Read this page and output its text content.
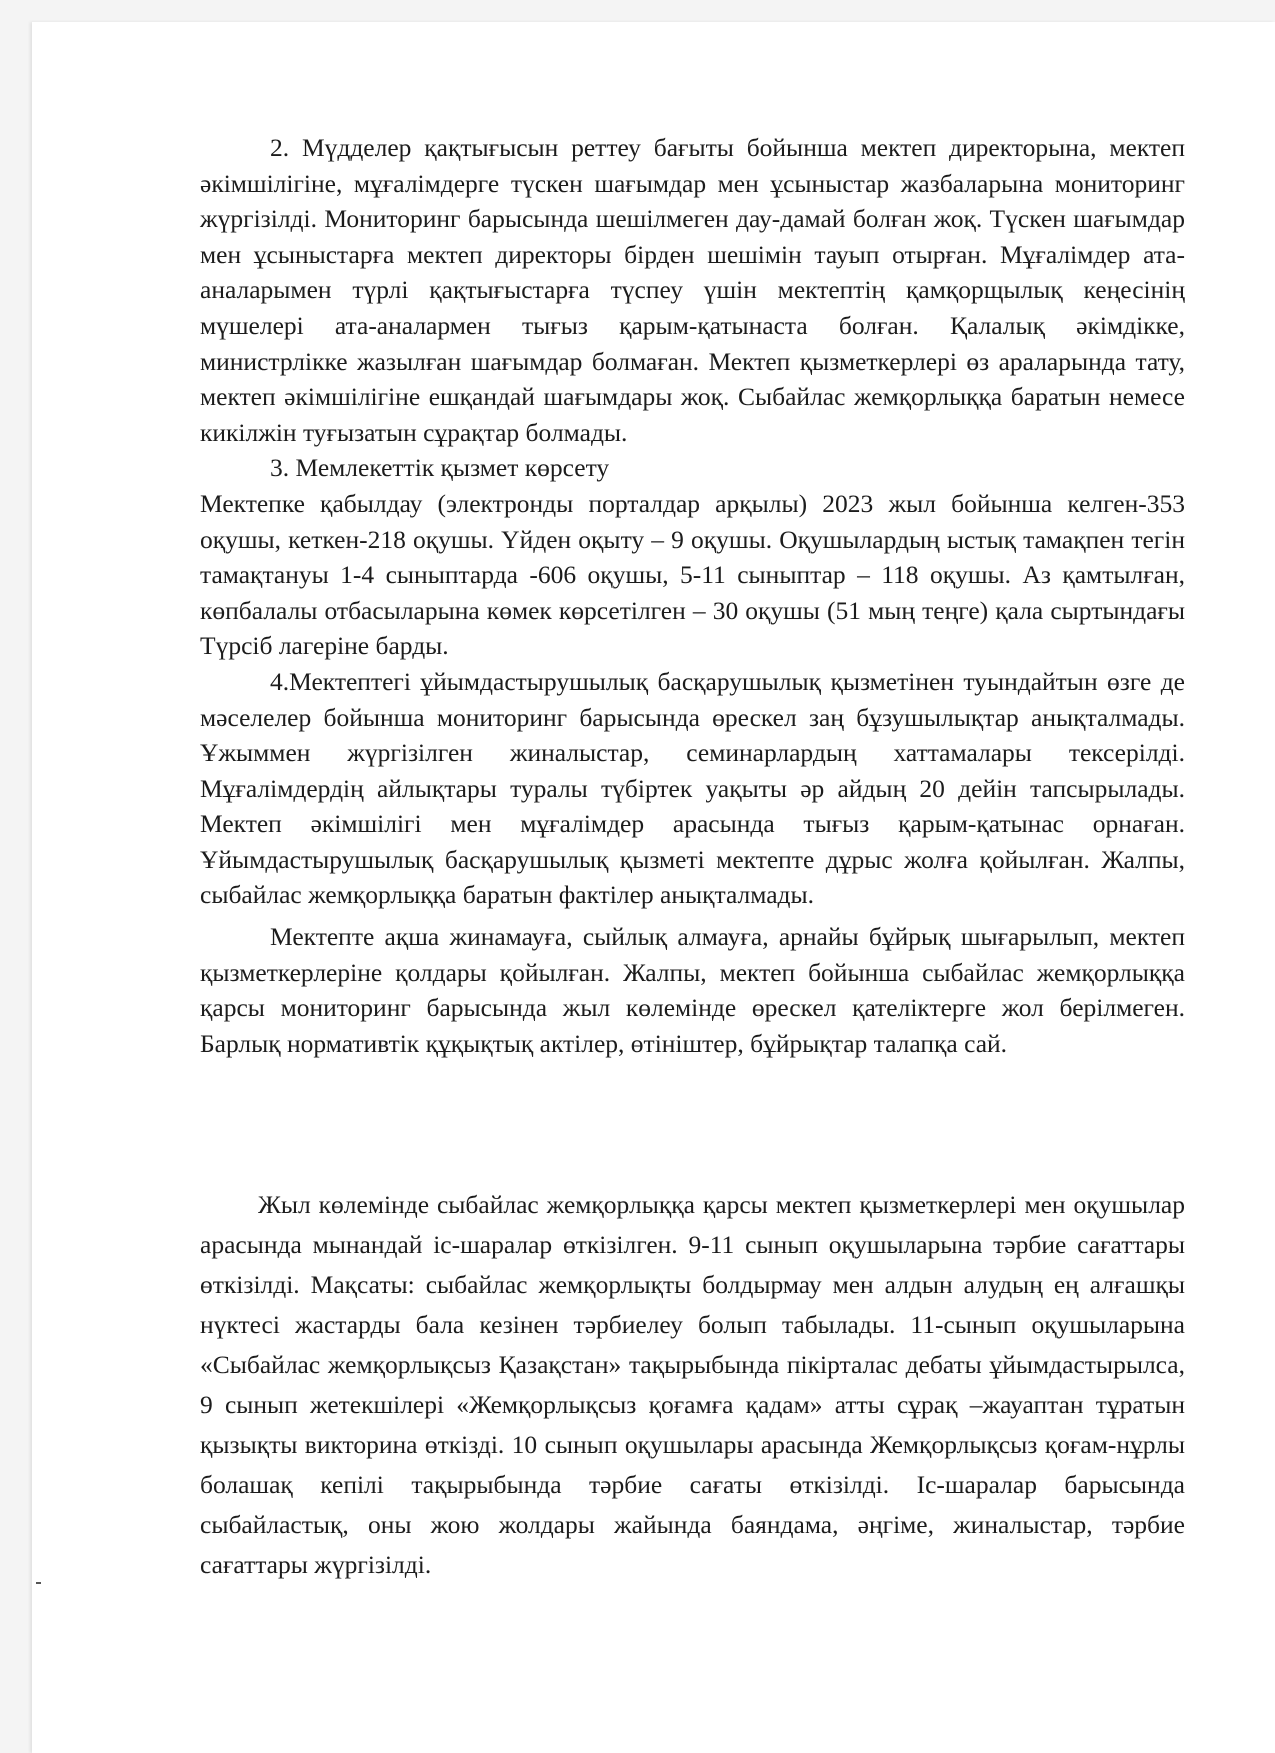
2. Мүдделер қақтығысын реттеу бағыты бойынша мектеп директорына, мектеп әкімшілігіне, мұғалімдерге түскен шағымдар мен ұсыныстар жазбаларына мониторинг жүргізілді. Мониторинг барысында шешілмеген дау-дамай болған жоқ. Түскен шағымдар мен ұсыныстарға мектеп директоры бірден шешімін тауып отырған. Мұғалімдер ата-аналарымен түрлі қақтығыстарға түспеу үшін мектептің қамқорщылық кеңесінің мүшелері ата-аналармен тығыз қарым-қатынаста болған. Қалалық әкімдікке, министрлікке жазылған шағымдар болмаған. Мектеп қызметкерлері өз араларында тату, мектеп әкімшілігіне ешқандай шағымдары жоқ. Сыбайлас жемқорлыққа баратын немесе кикілжін туғызатын сұрақтар болмады.

3. Мемлекеттік қызмет көрсету

Мектепке қабылдау (электронды порталдар арқылы) 2023 жыл бойынша келген-353 оқушы, кеткен-218 оқушы. Үйден оқыту – 9 оқушы. Оқушылардың ыстық тамақпен тегін тамақтануы 1-4 сыныптарда -606 оқушы, 5-11 сыныптар – 118 оқушы. Аз қамтылған, көпбалалы отбасыларына көмек көрсетілген – 30 оқушы (51 мың теңге) қала сыртындағы Түрсіб лагеріне барды.

4.Мектептегі ұйымдастырушылық басқарушылық қызметінен туындайтын өзге де мәселелер бойынша мониторинг барысында өрескел заң бұзушылықтар анықталмады. Ұжыммен жүргізілген жиналыстар, семинарлардың хаттамалары тексерілді. Мұғалімдердің айлықтары туралы түбіртек уақыты әр айдың 20 дейін тапсырылады. Мектеп әкімшілігі мен мұғалімдер арасында тығыз қарым-қатынас орнаған. Ұйымдастырушылық басқарушылық қызметі мектепте дұрыс жолға қойылған. Жалпы, сыбайлас жемқорлыққа баратын фактілер анықталмады.

Мектепте ақша жинамауға, сыйлық алмауға, арнайы бұйрық шығарылып, мектеп қызметкерлеріне қолдары қойылған. Жалпы, мектеп бойынша сыбайлас жемқорлыққа қарсы мониторинг барысында жыл көлемінде өрескел қателіктерге жол берілмеген. Барлық нормативтік құқықтық актілер, өтініштер, бұйрықтар талапқа сай.

Жыл көлемінде сыбайлас жемқорлыққа қарсы мектеп қызметкерлері мен оқушылар арасында мынандай іс-шаралар өткізілген. 9-11 сынып оқушыларына тәрбие сағаттары өткізілді. Мақсаты: сыбайлас жемқорлықты болдырмау мен алдын алудың ең алғашқы нүктесі жастарды бала кезінен тәрбиелеу болып табылады. 11-сынып оқушыларына «Сыбайлас жемқорлықсыз Қазақстан» тақырыбында пікірталас дебаты ұйымдастырылса, 9 сынып жетекшілері «Жемқорлықсыз қоғамға қадам» атты сұрақ –жауаптан тұратын қызықты викторина өткізді. 10 сынып оқушылары арасында Жемқорлықсыз қоғам-нұрлы болашақ кепілі тақырыбында тәрбие сағаты өткізілді. Іс-шаралар барысында сыбайластық, оны жою жолдары жайында баяндама, әңгіме, жиналыстар, тәрбие сағаттары жүргізілді.
